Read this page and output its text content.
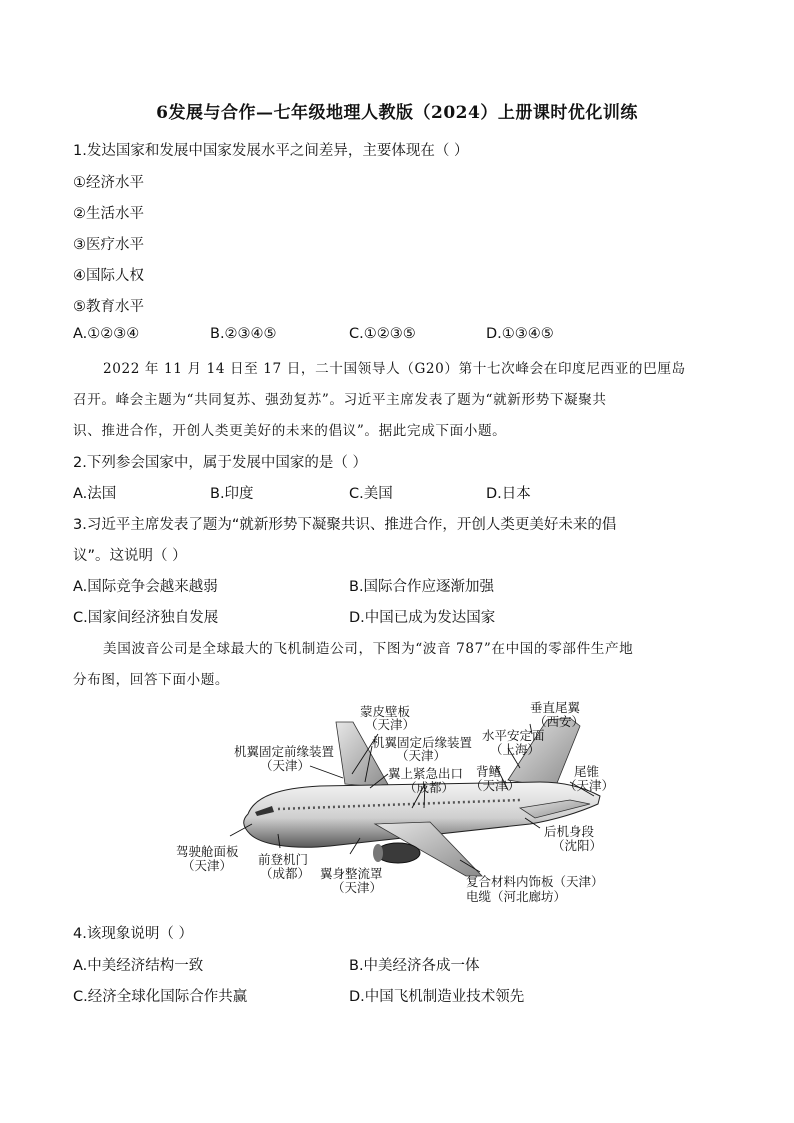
6发展与合作—七年级地理人教版（2024）上册课时优化训练
1.发达国家和发展中国家发展水平之间差异，主要体现在（ ）
①经济水平
②生活水平
③医疗水平
④国际人权
⑤教育水平
A.①②③④	B.②③④⑤	C.①②③⑤	D.①③④⑤
2022 年 11 月 14 日至 17 日，二十国领导人（G20）第十七次峰会在印度尼西亚的巴厘岛
召开。峰会主题为“共同复苏、强劲复苏”。习近平主席发表了题为“就新形势下凝聚共
识、推进合作，开创人类更美好的未来的倡议”。据此完成下面小题。
2.下列参会国家中，属于发展中国家的是（ ）
A.法国	B.印度	C.美国	D.日本
3.习近平主席发表了题为“就新形势下凝聚共识、推进合作，开创人类更美好未来的倡
议”。这说明（ ）
A.国际竞争会越来越弱	B.国际合作应逐渐加强
C.国家间经济独自发展	D.中国已成为发达国家
美国波音公司是全球最大的飞机制造公司，下图为“波音 787”在中国的零部件生产地
分布图，回答下面小题。
蒙皮壁板
（天津）
机翼固定后缘装置
（天津）
机翼固定前缘装置
（天津）
翼上紧急出口
（成都）
垂直尾翼
（西安）
水平安定面
（上海）
背鳍
（天津）
尾锥
（天津）
后机身段
（沈阳）
驾驶舱面板
（天津） 前登机门
（成都） 翼身整流罩
（天津）	复合材料内饰板（天津）
电缆（河北廊坊）
4.该现象说明（ ）
A.中美经济结构一致	B.中美经济各成一体
C.经济全球化国际合作共赢	D.中国飞机制造业技术领先
